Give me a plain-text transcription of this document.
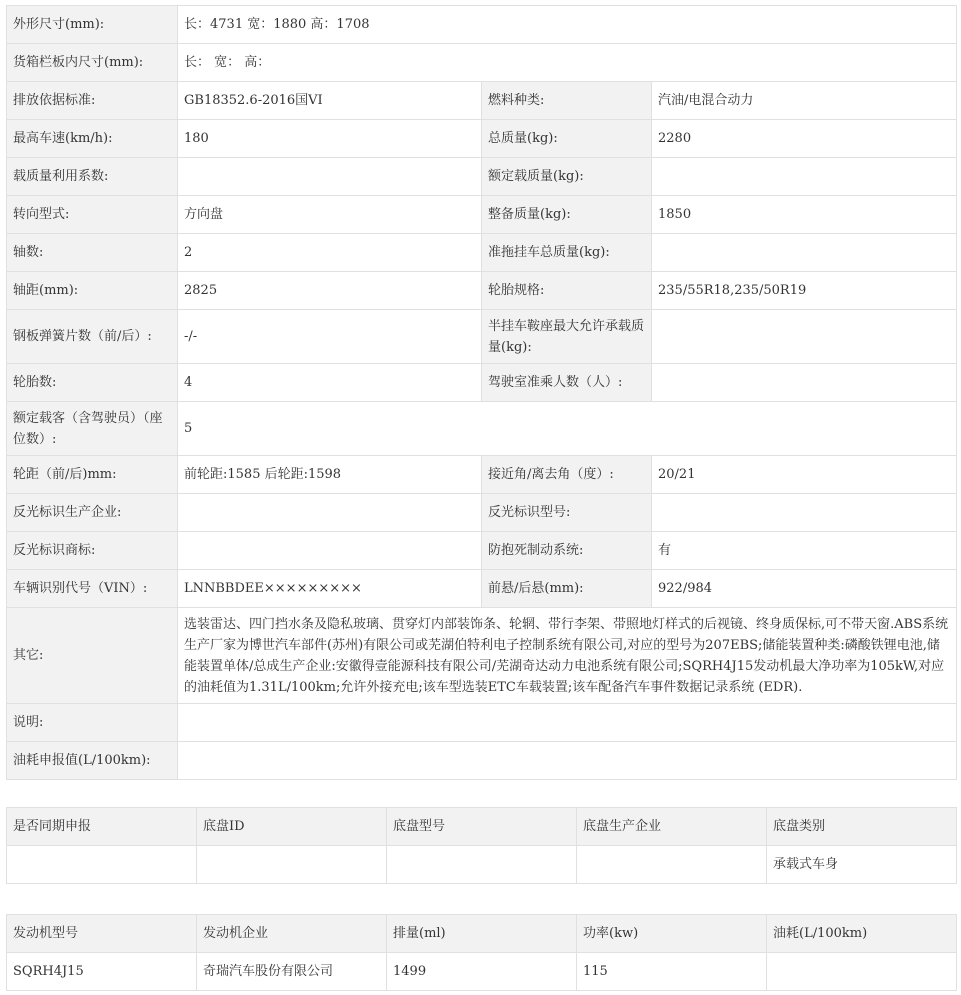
外形尺寸(mm):	长：4731 宽：1880 高：1708		
货箱栏板内尺寸(mm):	长： 宽： 高：		
排放依据标准:	GB18352.6-2016国VI	燃料种类:	汽油/电混合动力
最高车速(km/h):	180	总质量(kg):	2280
载质量利用系数:		额定载质量(kg):	
转向型式:	方向盘	整备质量(kg):	1850
轴数:	2	准拖挂车总质量(kg):	
轴距(mm):	2825	轮胎规格:	235/55R18,235/50R19
钢板弹簧片数（前/后）:	-/-	半挂车鞍座最大允许承载质量(kg):	
轮胎数:	4	驾驶室准乘人数（人）:	
额定载客（含驾驶员）（座位数）:	5		
轮距（前/后)mm:	前轮距:1585 后轮距:1598	接近角/离去角（度）:	20/21
反光标识生产企业:		反光标识型号:	
反光标识商标:		防抱死制动系统:	有
车辆识别代号（VIN）:	LNNBBDEE×××××××××	前悬/后悬(mm):	922/984
其它:	选装雷达、四门挡水条及隐私玻璃、贯穿灯内部装饰条、轮辋、带行李架、带照地灯样式的后视镜、终身质保标,可不带天窗.ABS系统生产厂家为博世汽车部件(苏州)有限公司或芜湖伯特利电子控制系统有限公司,对应的型号为207EBS;储能装置种类:磷酸铁锂电池,储能装置单体/总成生产企业:安徽得壹能源科技有限公司/芜湖奇达动力电池系统有限公司;SQRH4J15发动机最大净功率为105kW,对应的油耗值为1.31L/100km;允许外接充电;该车型选装ETC车载装置;该车配备汽车事件数据记录系统 (EDR).		
说明:			
油耗申报值(L/100km):			
是否同期申报	底盘ID	底盘型号	底盘生产企业	底盘类别
				承载式车身
发动机型号	发动机企业	排量(ml)	功率(kw)	油耗(L/100km)
SQRH4J15	奇瑞汽车股份有限公司	1499	115	
